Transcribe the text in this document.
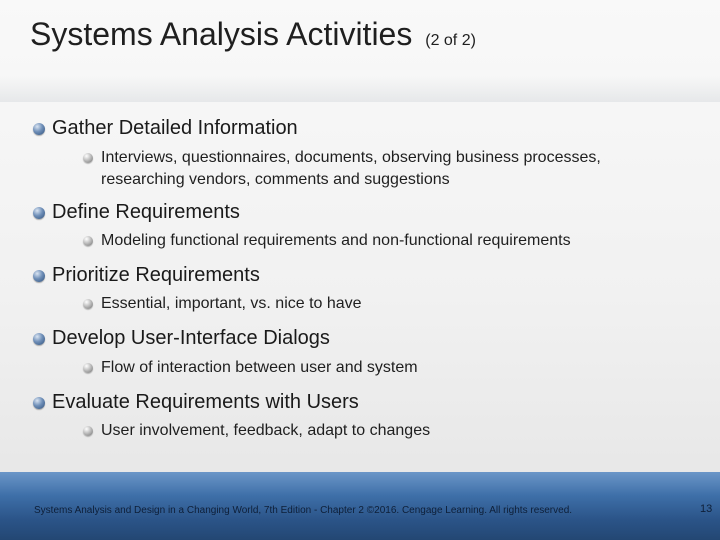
Systems Analysis Activities (2 of 2)
Gather Detailed Information
Interviews, questionnaires, documents, observing business processes, researching vendors, comments and suggestions
Define Requirements
Modeling functional requirements and non-functional requirements
Prioritize Requirements
Essential, important, vs. nice to have
Develop User-Interface Dialogs
Flow of interaction between user and system
Evaluate Requirements with Users
User involvement, feedback, adapt to changes
Systems Analysis and Design in a Changing World, 7th Edition - Chapter 2 ©2016. Cengage Learning. All rights reserved.	13
